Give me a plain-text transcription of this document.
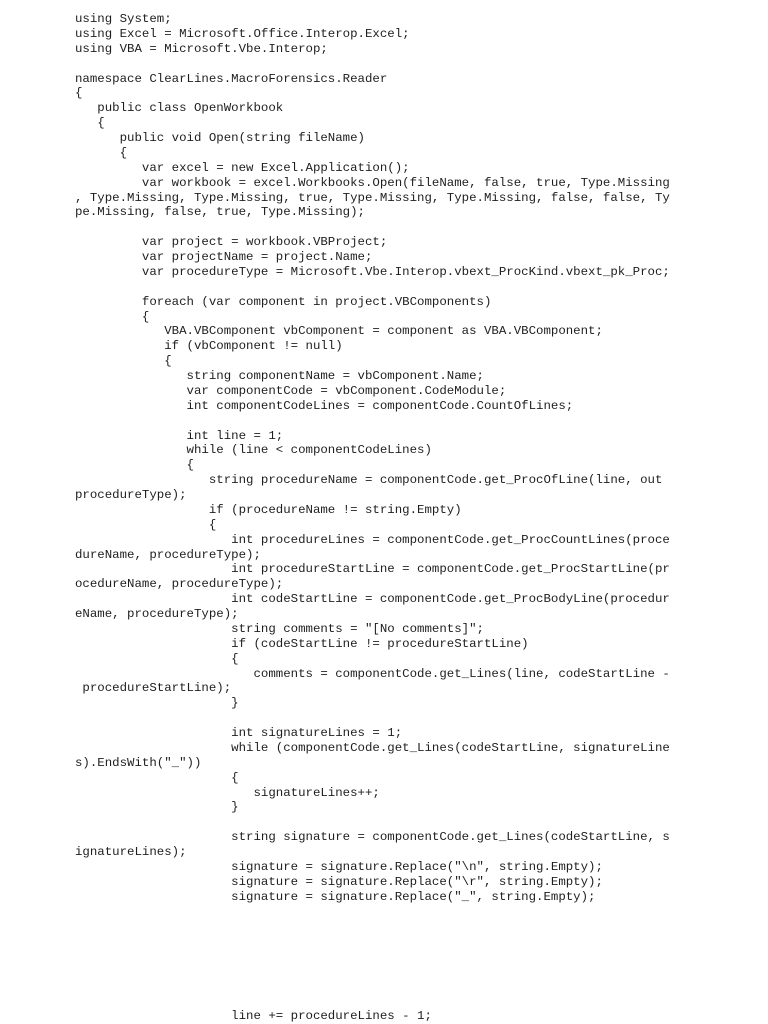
using System;
using Excel = Microsoft.Office.Interop.Excel;
using VBA = Microsoft.Vbe.Interop;
namespace ClearLines.MacroForensics.Reader
{
public class OpenWorkbook
{
public void Open(string fileName)
{
var excel = new Excel.Application();
var workbook = excel.Workbooks.Open(fileName, false, true, Type.Missing
, Type.Missing, Type.Missing, true, Type.Missing, Type.Missing, false, false, Ty
pe.Missing, false, true, Type.Missing);
var project = workbook.VBProject;
var projectName = project.Name;
var procedureType = Microsoft.Vbe.Interop.vbext_ProcKind.vbext_pk_Proc;
foreach (var component in project.VBComponents)
{
VBA.VBComponent vbComponent = component as VBA.VBComponent;
if (vbComponent != null)
{
string componentName = vbComponent.Name;
var componentCode = vbComponent.CodeModule;
int componentCodeLines = componentCode.CountOfLines;
int line = 1;
while (line < componentCodeLines)
{
string procedureName = componentCode.get_ProcOfLine(line, out
procedureType);
if (procedureName != string.Empty)
{
int procedureLines = componentCode.get_ProcCountLines(proce
dureName, procedureType);
int procedureStartLine = componentCode.get_ProcStartLine(pr
ocedureName, procedureType);
int codeStartLine = componentCode.get_ProcBodyLine(procedur
eName, procedureType);
string comments = "[No comments]";
if (codeStartLine != procedureStartLine)
{
comments = componentCode.get_Lines(line, codeStartLine -
procedureStartLine);
}
int signatureLines = 1;
while (componentCode.get_Lines(codeStartLine, signatureLine
s).EndsWith("_"))
{
signatureLines++;
}
string signature = componentCode.get_Lines(codeStartLine, s
ignatureLines);
signature = signature.Replace("\n", string.Empty);
signature = signature.Replace("\r", string.Empty);
signature = signature.Replace("_", string.Empty);
line += procedureLines - 1;
